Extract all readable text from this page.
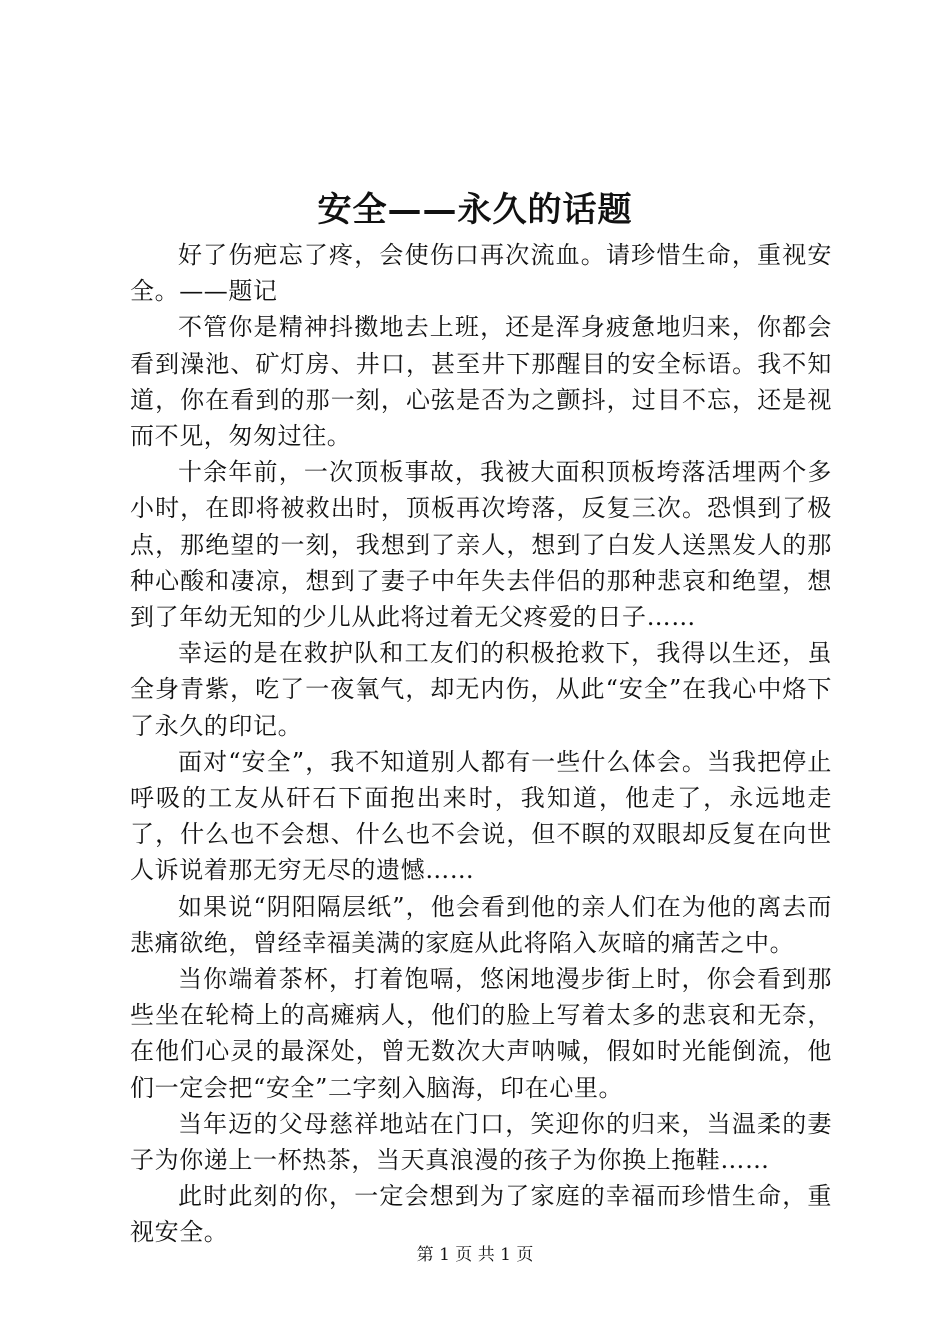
安全——永久的话题

好了伤疤忘了疼，会使伤口再次流血。请珍惜生命，重视安全。——题记

不管你是精神抖擞地去上班，还是浑身疲惫地归来，你都会看到澡池、矿灯房、井口，甚至井下那醒目的安全标语。我不知道，你在看到的那一刻，心弦是否为之颤抖，过目不忘，还是视而不见，匆匆过往。

十余年前，一次顶板事故，我被大面积顶板垮落活埋两个多小时，在即将被救出时，顶板再次垮落，反复三次。恐惧到了极点，那绝望的一刻，我想到了亲人，想到了白发人送黑发人的那种心酸和凄凉，想到了妻子中年失去伴侣的那种悲哀和绝望，想到了年幼无知的少儿从此将过着无父疼爱的日子……

幸运的是在救护队和工友们的积极抢救下，我得以生还，虽全身青紫，吃了一夜氧气，却无内伤，从此“安全”在我心中烙下了永久的印记。

面对“安全”，我不知道别人都有一些什么体会。当我把停止呼吸的工友从矸石下面抱出来时，我知道，他走了，永远地走了，什么也不会想、什么也不会说，但不瞑的双眼却反复在向世人诉说着那无穷无尽的遗憾……

如果说“阴阳隔层纸”，他会看到他的亲人们在为他的离去而悲痛欲绝，曾经幸福美满的家庭从此将陷入灰暗的痛苦之中。

当你端着茶杯，打着饱嗝，悠闲地漫步街上时，你会看到那些坐在轮椅上的高瘫病人，他们的脸上写着太多的悲哀和无奈，在他们心灵的最深处，曾无数次大声呐喊，假如时光能倒流，他们一定会把“安全”二字刻入脑海，印在心里。

当年迈的父母慈祥地站在门口，笑迎你的归来，当温柔的妻子为你递上一杯热茶，当天真浪漫的孩子为你换上拖鞋……

此时此刻的你，一定会想到为了家庭的幸福而珍惜生命，重视安全。

第 1 页 共 1 页
